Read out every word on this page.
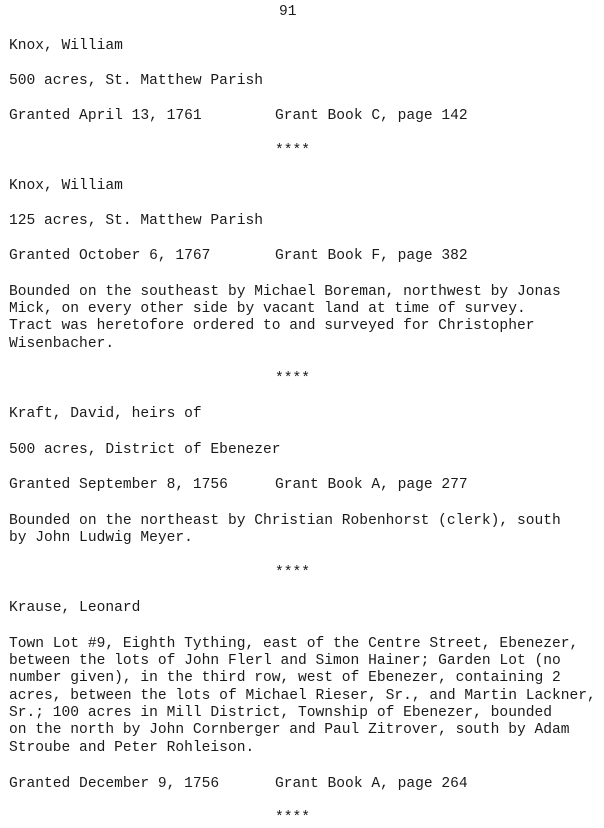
91
Knox, William
500 acres, St. Matthew Parish
Granted April 13, 1761	Grant Book C, page 142
****
Knox, William
125 acres, St. Matthew Parish
Granted October 6, 1767	Grant Book F, page 382
Bounded on the southeast by Michael Boreman, northwest by Jonas
Mick, on every other side by vacant land at time of survey.
Tract was heretofore ordered to and surveyed for Christopher
Wisenbacher.
****
Kraft, David, heirs of
500 acres, District of Ebenezer
Granted September 8, 1756	Grant Book A, page 277
Bounded on the northeast by Christian Robenhorst (clerk), south
by John Ludwig Meyer.
****
Krause, Leonard
Town Lot #9, Eighth Tything, east of the Centre Street, Ebenezer,
between the lots of John Flerl and Simon Hainer; Garden Lot (no
number given), in the third row, west of Ebenezer, containing 2
acres, between the lots of Michael Rieser, Sr., and Martin Lackner,
Sr.; 100 acres in Mill District, Township of Ebenezer, bounded
on the north by John Cornberger and Paul Zitrover, south by Adam
Stroube and Peter Rohleison.
Granted December 9, 1756	Grant Book A, page 264
****
